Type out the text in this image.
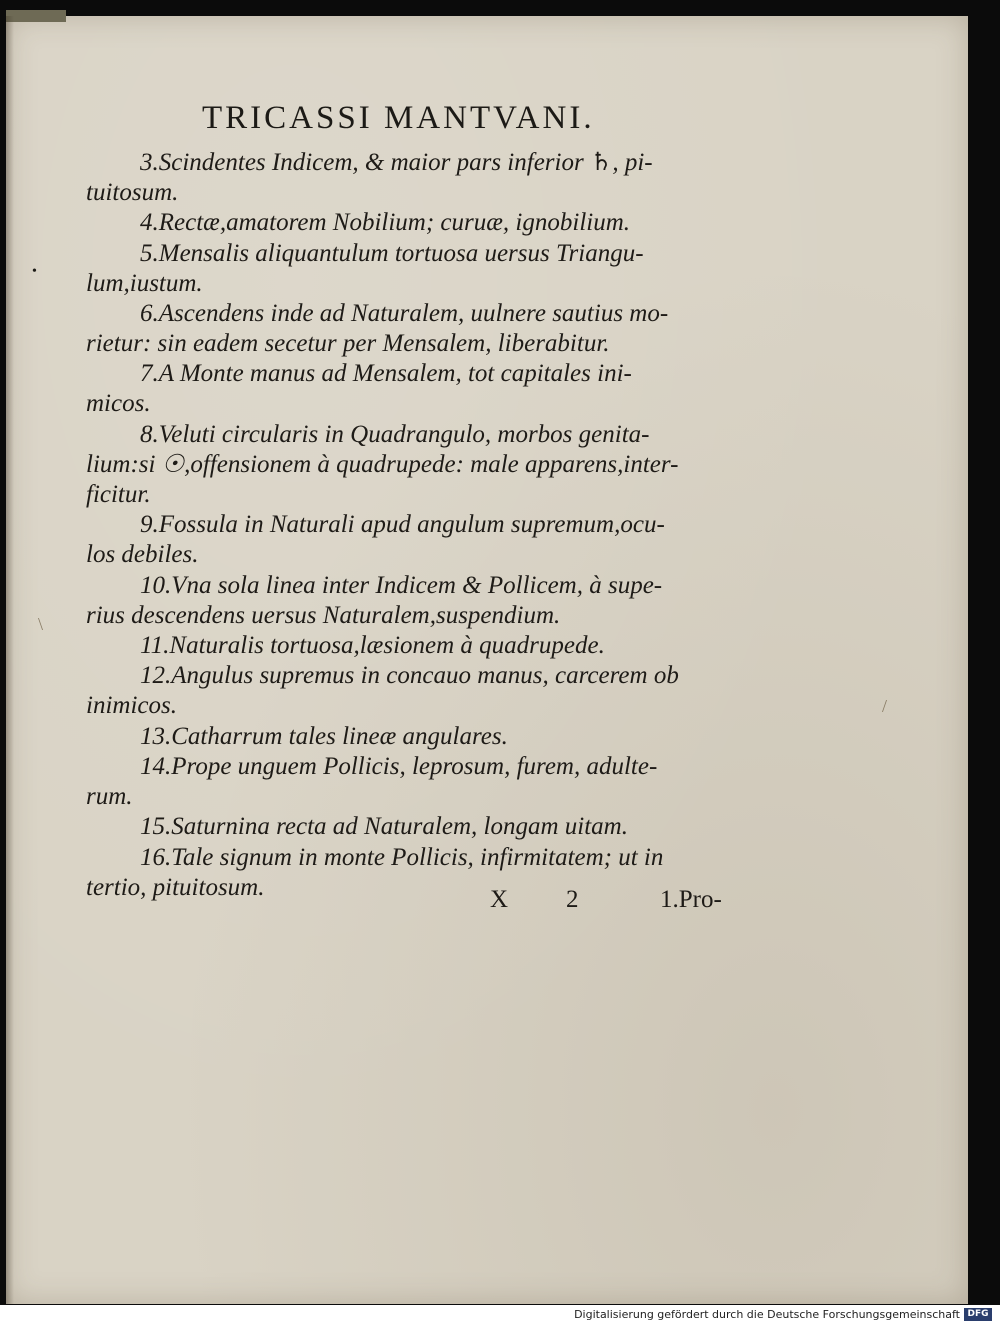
TRICASSI MANTVANI.
3.Scindentes Indicem, & maior pars inferior ♄, pi-
tuitosum.
4.Rectæ,amatorem Nobilium; curuæ, ignobilium.
5.Mensalis aliquantulum tortuosa uersus Triangu-
lum,iustum.
6.Ascendens inde ad Naturalem, uulnere sautius mo-
rietur: sin eadem secetur per Mensalem, liberabitur.
7.A Monte manus ad Mensalem, tot capitales ini-
micos.
8.Veluti circularis in Quadrangulo, morbos genita-
lium:si ☉,offensionem à quadrupede: male apparens,inter-
ficitur.
9.Fossula in Naturali apud angulum supremum,ocu-
los debiles.
10.Vna sola linea inter Indicem & Pollicem, à supe-
rius descendens uersus Naturalem,suspendium.
11.Naturalis tortuosa,læsionem à quadrupede.
12.Angulus supremus in concauo manus, carcerem ob
inimicos.
13.Catharrum tales lineæ angulares.
14.Prope unguem Pollicis, leprosum, furem, adulte-
rum.
15.Saturnina recta ad Naturalem, longam uitam.
16.Tale signum in monte Pollicis, infirmitatem; ut in
tertio, pituitosum.	X 2	1.Pro-
•
\
/
Digitalisierung gefördert durch die Deutsche Forschungsgemeinschaft DFG
